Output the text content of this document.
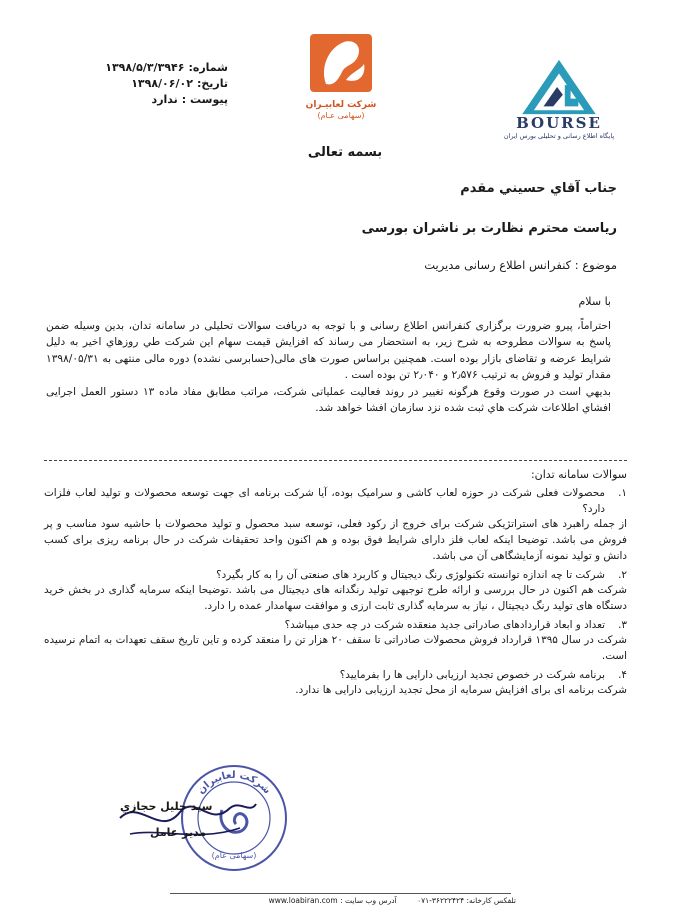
شماره:۱۳۹۸/۵/۳/۳۹۴۶
تاریخ:۱۳۹۸/۰۶/۰۲
پیوست :ندارد	شرکت لعابیـران
(سهامی عـام)	BOURSE
پایگاه اطلاع رسانی و تحلیلی بورس ایران
بسمه تعالی
جناب آقاي حسيني مقدم
رياست محترم نظارت بر ناشران بورسی
موضوع : کنفرانس اطلاع رسانی مديريت
با سلام

احتراماً، پیرو ضرورت برگزاری کنفرانس اطلاع رسانی و با توجه به دریافت سوالات تحلیلی در سامانه تدان، بدین وسیله ضمن پاسخ به سوالات مطروحه به شرح زیر، به استحضار می رساند که افزایش قیمت سهام این شرکت طي روزهاي اخير به دليل شرايط عرضه و تقاضای بازار بوده است. همچنین براساس صورت های مالی(حسابرسی نشده) دوره مالی منتهی به ۱۳۹۸/۰۵/۳۱ مقدار تولید و فروش به ترتیب ۲٫۵۷۶ و ۲٫۰۴۰ تن بوده است .

بديهي است در صورت وقوع هرگونه تغيير در روند فعاليت عملياتی شرکت، مراتب مطابق مفاد ماده ۱۳ دستور العمل اجرايی افشاي اطلاعات شرکت هاي ثبت شده نزد سازمان افشا خواهد شد.

سوالات سامانه تدان:
۱.
محصولات فعلی شرکت در حوزه لعاب کاشی و سرامیک بوده، آیا شرکت برنامه ای جهت توسعه محصولات و تولید لعاب فلزات دارد؟
از جمله راهبرد های استراتژیکی شرکت برای خروج از رکود فعلی، توسعه سبد محصول و تولید محصولات با حاشیه سود مناسب و پر فروش می باشد. توضیحا اینکه لعاب فلز دارای شرایط فوق بوده و هم اکنون واحد تحقیقات شرکت در حال برنامه ریزی برای کسب دانش و تولید نمونه آزمایشگاهی آن می باشد.
۲.
شرکت تا چه اندازه توانسته تکنولوژی رنگ دیجیتال و کاربرد های صنعتی آن را به کار بگیرد؟
شرکت هم اکنون در حال بررسی و ارائه طرح توجیهی تولید رنگدانه های دیجیتال می باشد .توضیحا اینکه سرمایه گذاری در بخش خرید دستگاه های تولید رنگ دیجیتال ، نیاز به سرمایه گذاری ثابت ارزی و موافقت سهامدار عمده را دارد.
۳.
تعداد و ابعاد قراردادهای صادراتی جدید منعقده شرکت در چه حدی میباشد؟
شرکت در سال ۱۳۹۵ قرارداد فروش محصولات صادراتی تا سقف ۲۰ هزار تن را منعقد کرده و تاین تاریخ سقف تعهدات به اتمام نرسیده است.
۴.
برنامه شرکت در خصوص تجدید ارزیابی دارایی ها را بفرمایید؟
شرکت برنامه ای برای افزایش سرمایه از محل تجدید ارزیابی دارایی ها ندارد.
شرکت لعابیران
(سهامی عام)
سید جلیل حجازي
مدیر عامل
تلفکس کارخانه: ۳۶۲۲۲۴۲۴-۰۷۱ آدرس وب سایت : www.loabiran.com
